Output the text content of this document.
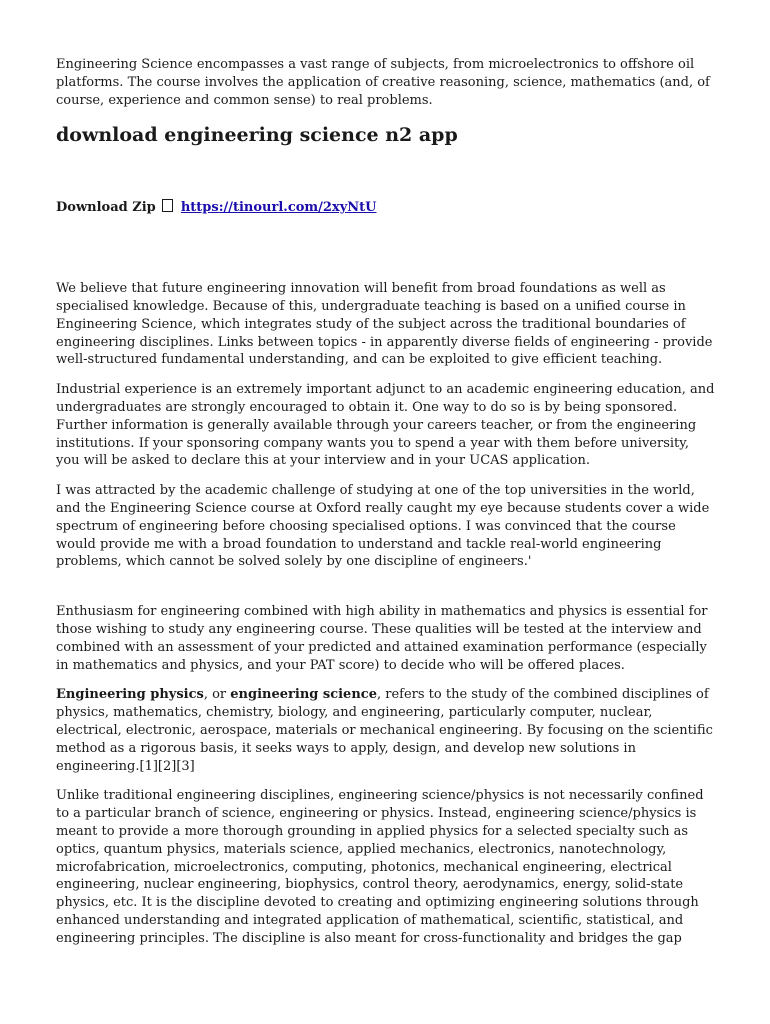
Engineering Science encompasses a vast range of subjects, from microelectronics to offshore oil platforms. The course involves the application of creative reasoning, science, mathematics (and, of course, experience and common sense) to real problems.

download engineering science n2 app
Download Zip https://tinourl.com/2xyNtU

We believe that future engineering innovation will benefit from broad foundations as well as specialised knowledge. Because of this, undergraduate teaching is based on a unified course in Engineering Science, which integrates study of the subject across the traditional boundaries of engineering disciplines. Links between topics - in apparently diverse fields of engineering - provide well-structured fundamental understanding, and can be exploited to give efficient teaching.

Industrial experience is an extremely important adjunct to an academic engineering education, and undergraduates are strongly encouraged to obtain it. One way to do so is by being sponsored. Further information is generally available through your careers teacher, or from the engineering institutions. If your sponsoring company wants you to spend a year with them before university, you will be asked to declare this at your interview and in your UCAS application.

I was attracted by the academic challenge of studying at one of the top universities in the world, and the Engineering Science course at Oxford really caught my eye because students cover a wide spectrum of engineering before choosing specialised options. I was convinced that the course would provide me with a broad foundation to understand and tackle real-world engineering problems, which cannot be solved solely by one discipline of engineers.'

Enthusiasm for engineering combined with high ability in mathematics and physics is essential for those wishing to study any engineering course. These qualities will be tested at the interview and combined with an assessment of your predicted and attained examination performance (especially in mathematics and physics, and your PAT score) to decide who will be offered places.

Engineering physics, or engineering science, refers to the study of the combined disciplines of physics, mathematics, chemistry, biology, and engineering, particularly computer, nuclear, electrical, electronic, aerospace, materials or mechanical engineering. By focusing on the scientific method as a rigorous basis, it seeks ways to apply, design, and develop new solutions in engineering.[1][2][3]

Unlike traditional engineering disciplines, engineering science/physics is not necessarily confined to a particular branch of science, engineering or physics. Instead, engineering science/physics is meant to provide a more thorough grounding in applied physics for a selected specialty such as optics, quantum physics, materials science, applied mechanics, electronics, nanotechnology, microfabrication, microelectronics, computing, photonics, mechanical engineering, electrical engineering, nuclear engineering, biophysics, control theory, aerodynamics, energy, solid-state physics, etc. It is the discipline devoted to creating and optimizing engineering solutions through enhanced understanding and integrated application of mathematical, scientific, statistical, and engineering principles. The discipline is also meant for cross-functionality and bridges the gap
